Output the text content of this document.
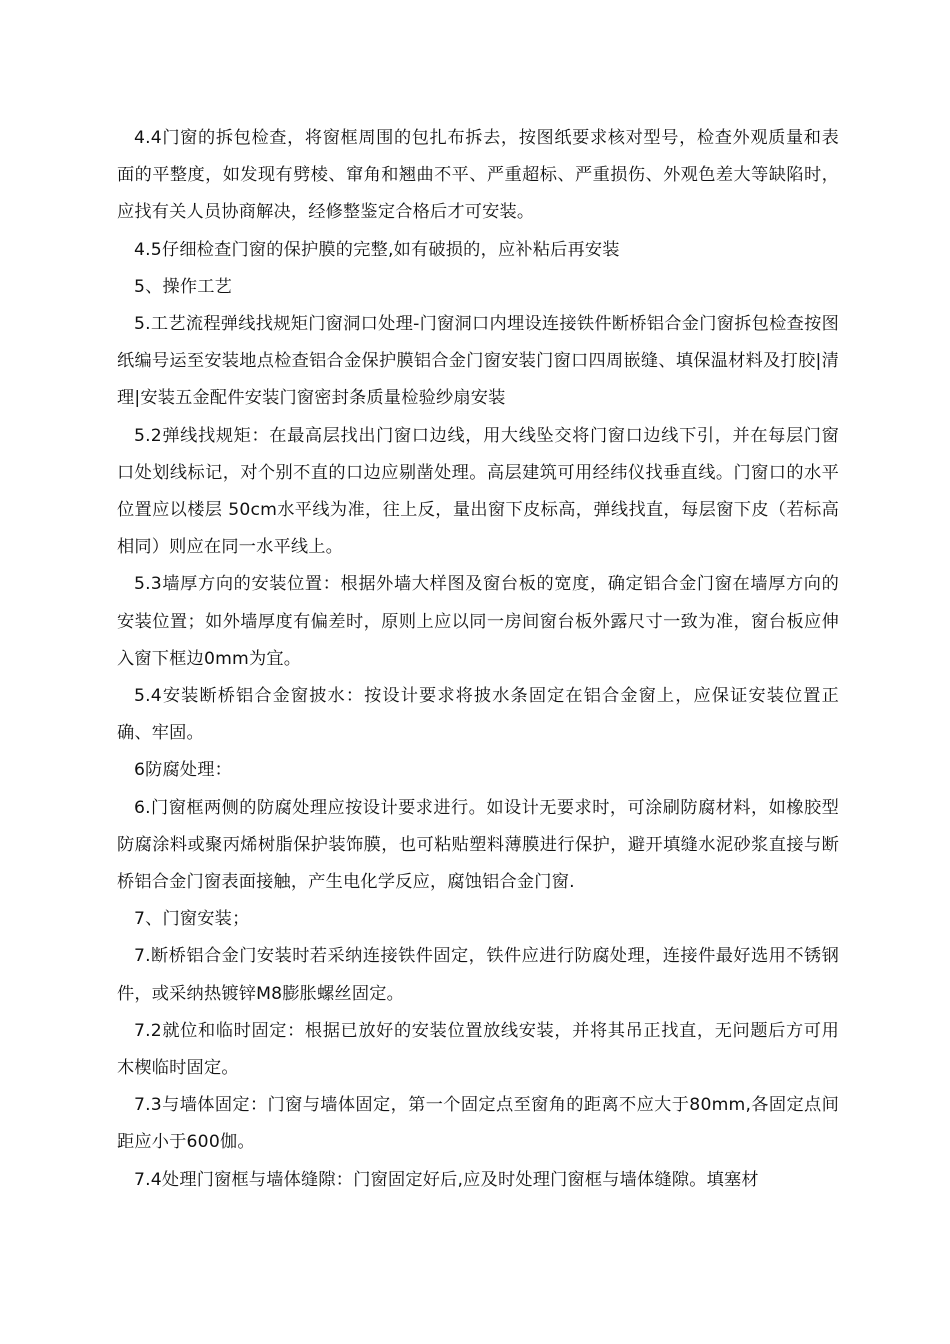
4.4门窗的拆包检查，将窗框周围的包扎布拆去，按图纸要求核对型号，检查外观质量和表面的平整度，如发现有劈棱、窜角和翘曲不平、严重超标、严重损伤、外观色差大等缺陷时，应找有关人员协商解决，经修整鉴定合格后才可安装。

4.5仔细检查门窗的保护膜的完整,如有破损的，应补粘后再安装

5、操作工艺

5.工艺流程弹线找规矩门窗洞口处理-门窗洞口内埋设连接铁件断桥铝合金门窗拆包检查按图纸编号运至安装地点检查铝合金保护膜铝合金门窗安装门窗口四周嵌缝、填保温材料及打胶|清理|安装五金配件安装门窗密封条质量检验纱扇安装

5.2弹线找规矩：在最高层找出门窗口边线，用大线坠交将门窗口边线下引，并在每层门窗口处划线标记，对个别不直的口边应剔凿处理。高层建筑可用经纬仪找垂直线。门窗口的水平位置应以楼层 50cm水平线为准，往上反，量出窗下皮标高，弹线找直，每层窗下皮（若标高相同）则应在同一水平线上。

5.3墙厚方向的安装位置：根据外墙大样图及窗台板的宽度，确定铝合金门窗在墙厚方向的安装位置；如外墙厚度有偏差时，原则上应以同一房间窗台板外露尺寸一致为准，窗台板应伸入窗下框边0mm为宜。

5.4安装断桥铝合金窗披水：按设计要求将披水条固定在铝合金窗上，应保证安装位置正确、牢固。

6防腐处理：

6.门窗框两侧的防腐处理应按设计要求进行。如设计无要求时，可涂刷防腐材料，如橡胶型防腐涂料或聚丙烯树脂保护装饰膜，也可粘贴塑料薄膜进行保护，避开填缝水泥砂浆直接与断桥铝合金门窗表面接触，产生电化学反应，腐蚀铝合金门窗.

7、门窗安装；

7.断桥铝合金门安装时若采纳连接铁件固定，铁件应进行防腐处理，连接件最好选用不锈钢件，或采纳热镀锌M8膨胀螺丝固定。

7.2就位和临时固定：根据已放好的安装位置放线安装，并将其吊正找直，无问题后方可用木楔临时固定。

7.3与墙体固定：门窗与墙体固定，第一个固定点至窗角的距离不应大于80mm,各固定点间距应小于600伽。

7.4处理门窗框与墙体缝隙：门窗固定好后,应及时处理门窗框与墙体缝隙。填塞材
